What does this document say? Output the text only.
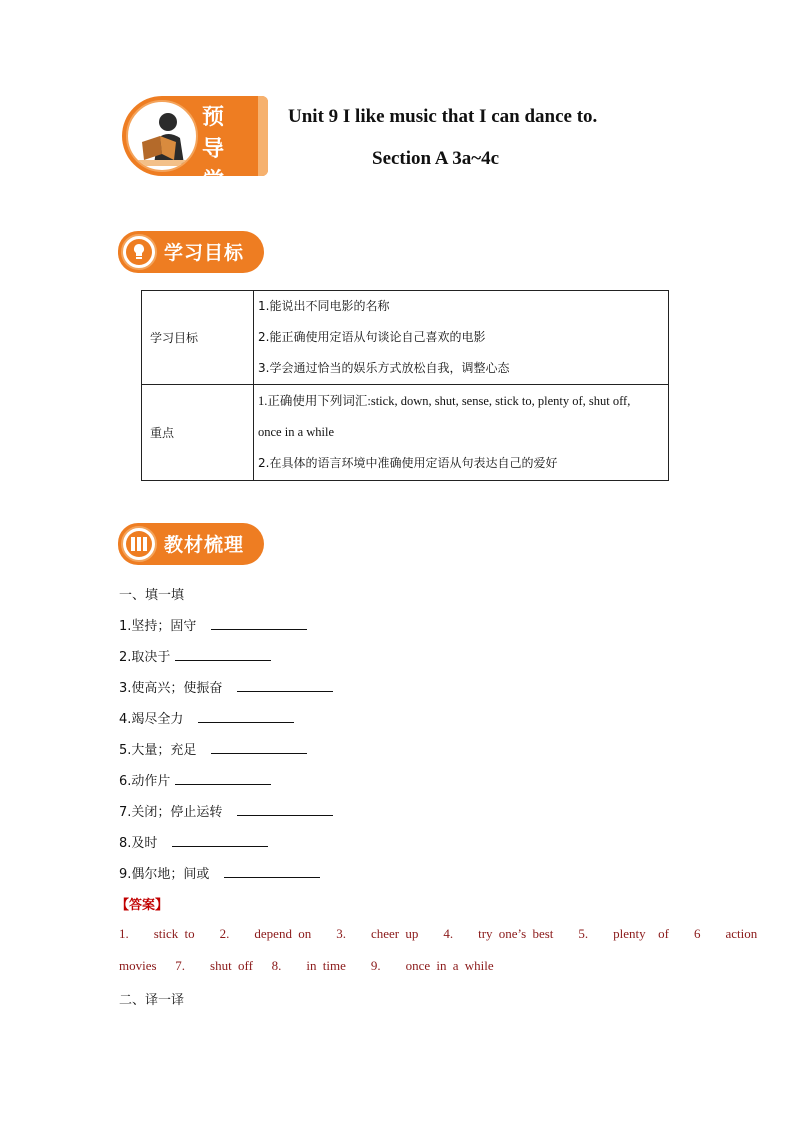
预 导
学 航
Unit 9 I like music that I can dance to.
Section A 3a~4c
学习目标
学习目标	1.能说出不同电影的名称
2.能正确使用定语从句谈论自己喜欢的电影
3.学会通过恰当的娱乐方式放松自我，调整心态

重点	1.正确使用下列词汇:stick, down, shut, sense, stick to, plenty of, shut off,
once in a while
2.在具体的语言环境中准确使用定语从句表达自己的爱好
教材梳理
一、填一填
1.坚持；固守
2.取决于
3.使高兴；使振奋
4.竭尽全力
5.大量；充足
6.动作片
7.关闭；停止运转
8.及时
9.偶尔地；间或
【答案】
1.    stick to    2.    depend on    3.    cheer up    4.    try one’s best    5.    plenty  of    6    action
movies   7.    shut off   8.    in time    9.    once in a while
二、译一译
